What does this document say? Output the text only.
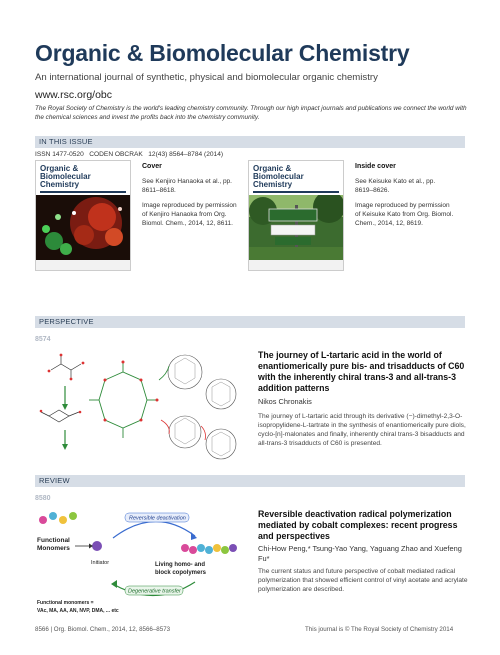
Organic & Biomolecular Chemistry
An international journal of synthetic, physical and biomolecular organic chemistry
www.rsc.org/obc
The Royal Society of Chemistry is the world's leading chemistry community. Through our high impact journals and publications we connect the world with the chemical sciences and invest the profits back into the chemistry community.
IN THIS ISSUE
ISSN 1477-0520 CODEN OBCRAK 12(43) 8564–8784 (2014)
Organic & Biomolecular Chemistry

Cover

See Kenjiro Hanaoka et al., pp. 8611–8618.

Image reproduced by permission of Kenjiro Hanaoka from Org. Biomol. Chem., 2014, 12, 8611.

Organic & Biomolecular Chemistry

Inside cover

See Keisuke Kato et al., pp. 8619–8626.

Image reproduced by permission of Keisuke Kato from Org. Biomol. Chem., 2014, 12, 8619.

PERSPECTIVE
8574
The journey of L-tartaric acid in the world of enantiomerically pure bis- and trisadducts of C60 with the inherently chiral trans-3 and all-trans-3 addition patterns
Nikos Chronakis
The journey of L-tartaric acid through its derivative (−)-dimethyl-2,3-O-isopropylidene-L-tartrate in the synthesis of enantiomerically pure diols, cyclo-[n]-malonates and finally, inherently chiral trans-3 bisadducts and all-trans-3 trisadducts of C60 is presented.
REVIEW
8580
Functional
Monomers
Initiator
Reversible deactivation
Living homo- and
block copolymers
Degenerative transfer
Functional monomers =
VAc, MA, AA, AN, NVP, DMA, ... etc
Reversible deactivation radical polymerization mediated by cobalt complexes: recent progress and perspectives
Chi-How Peng,* Tsung-Yao Yang, Yaguang Zhao and Xuefeng Fu*
The current status and future perspective of cobalt mediated radical polymerization that showed efficient control of vinyl acetate and acrylate polymerization are described.
8566 | Org. Biomol. Chem., 2014, 12, 8566–8573	This journal is © The Royal Society of Chemistry 2014
